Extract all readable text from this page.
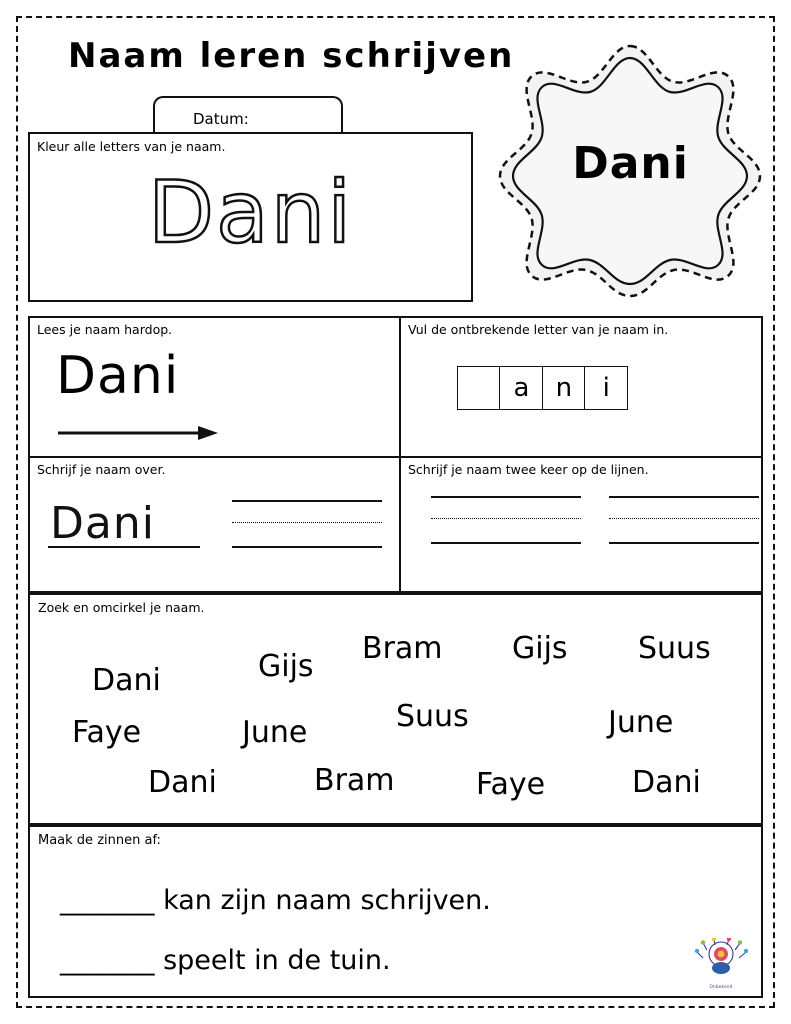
Naam leren schrijven
Datum:
Dani
Kleur alle letters van je naam.
Dani
Lees je naam hardop.
Dani
Vul de ontbrekende letter van je naam in.
a	n	i
Schrijf je naam over.
Dani
Schrijf je naam twee keer op de lijnen.
Zoek en omcirkel je naam.
Dani	Gijs
Bram Gijs Suus
Faye	June	Suus	June
Dani	Bram	Faye	Dani
Maak de zinnen af:
_______ kan zijn naam schrijven.
_______ speelt in de tuin.
Onbekend
